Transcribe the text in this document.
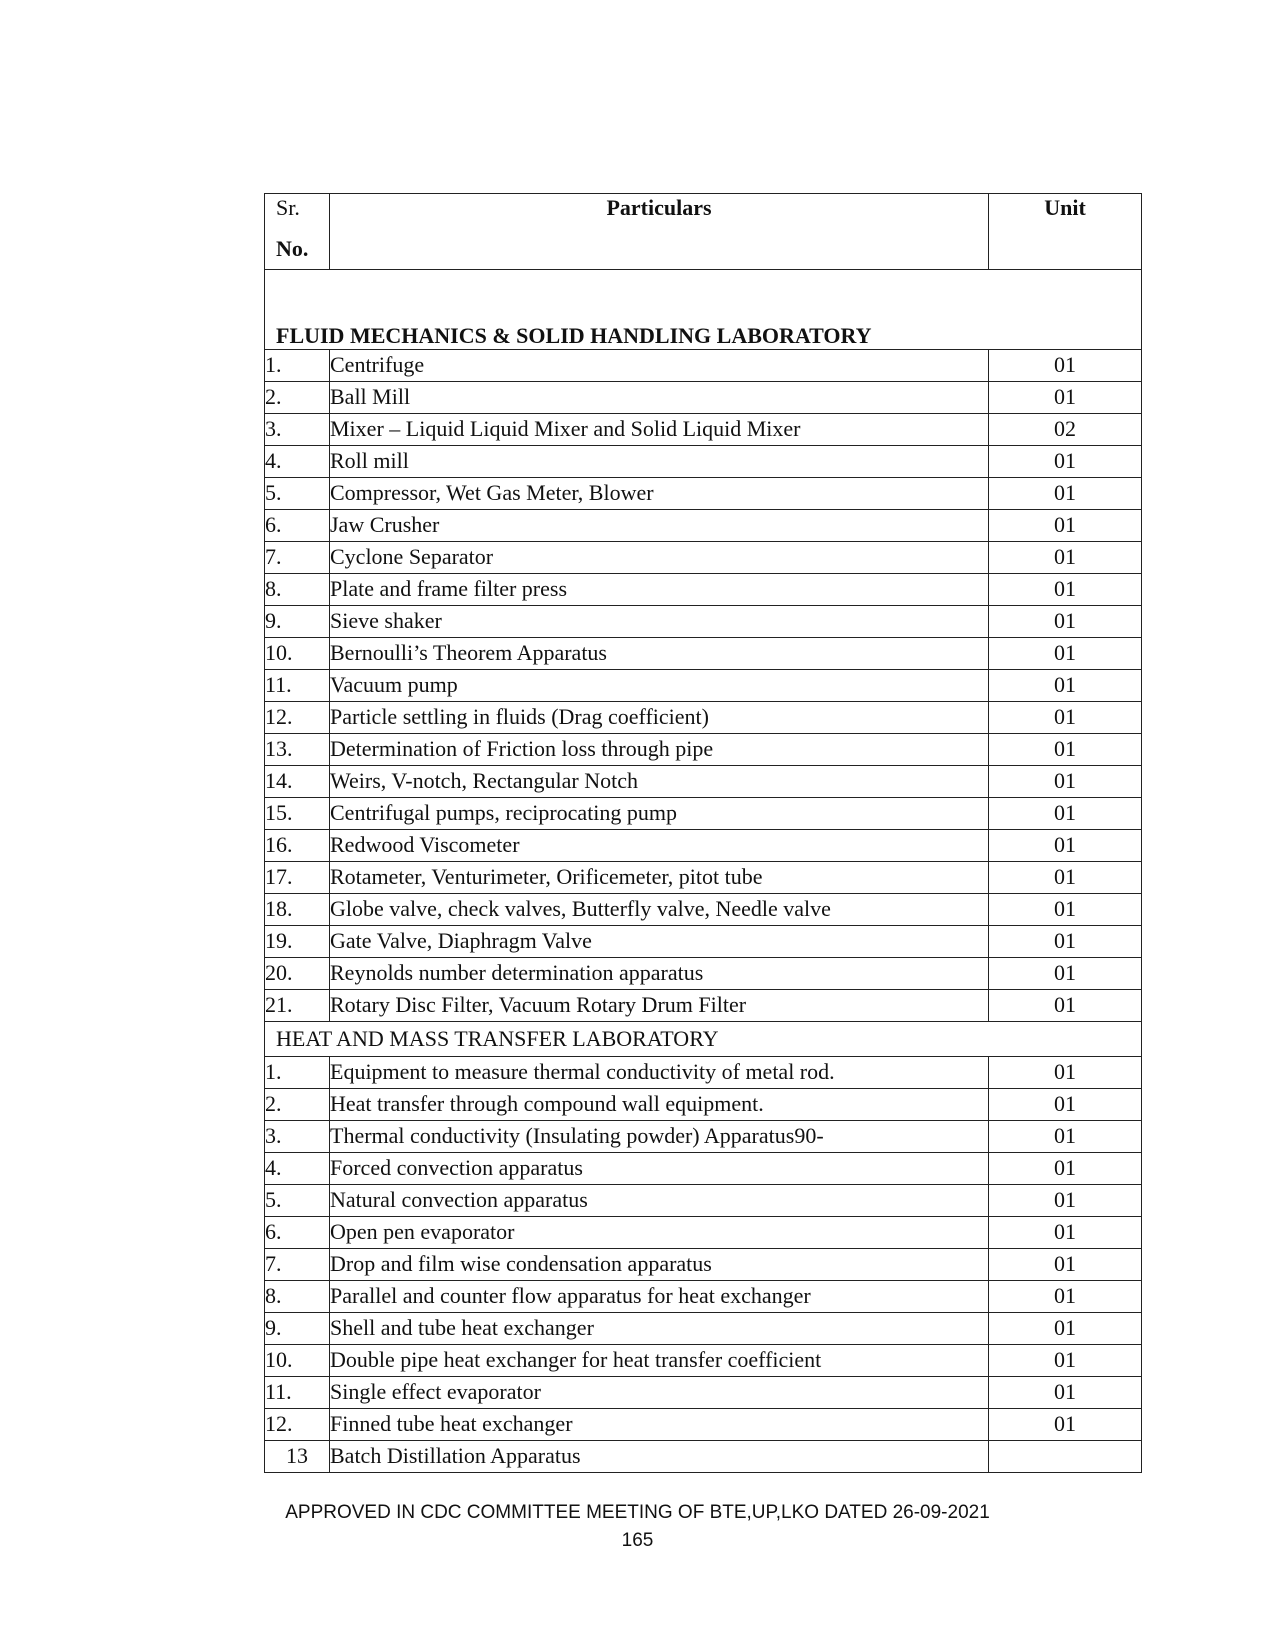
Sr.
No.	Particulars	Unit
FLUID MECHANICS & SOLID HANDLING LABORATORY		
1.	Centrifuge	01
2.	Ball Mill	01
3.	Mixer – Liquid Liquid Mixer and Solid Liquid Mixer	02
4.	Roll mill	01
5.	Compressor, Wet Gas Meter, Blower	01
6.	Jaw Crusher	01
7.	Cyclone Separator	01
8.	Plate and frame filter press	01
9.	Sieve shaker	01
10.	Bernoulli’s Theorem Apparatus	01
11.	Vacuum pump	01
12.	Particle settling in fluids (Drag coefficient)	01
13.	Determination of Friction loss through pipe	01
14.	Weirs, V-notch, Rectangular Notch	01
15.	Centrifugal pumps, reciprocating pump	01
16.	Redwood Viscometer	01
17.	Rotameter, Venturimeter, Orificemeter, pitot tube	01
18.	Globe valve, check valves, Butterfly valve, Needle valve	01
19.	Gate Valve, Diaphragm Valve	01
20.	Reynolds number determination apparatus	01
21.	Rotary Disc Filter, Vacuum Rotary Drum Filter	01
HEAT AND MASS TRANSFER LABORATORY		
1.	Equipment to measure thermal conductivity of metal rod.	01
2.	Heat transfer through compound wall equipment.	01
3.	Thermal conductivity (Insulating powder) Apparatus90-	01
4.	Forced convection apparatus	01
5.	Natural convection apparatus	01
6.	Open pen evaporator	01
7.	Drop and film wise condensation apparatus	01
8.	Parallel and counter flow apparatus for heat exchanger	01
9.	Shell and tube heat exchanger	01
10.	Double pipe heat exchanger for heat transfer coefficient	01
11.	Single effect evaporator	01
12.	Finned tube heat exchanger	01
13	Batch Distillation Apparatus	
APPROVED IN CDC COMMITTEE MEETING OF BTE,UP,LKO DATED 26-09-2021
165
